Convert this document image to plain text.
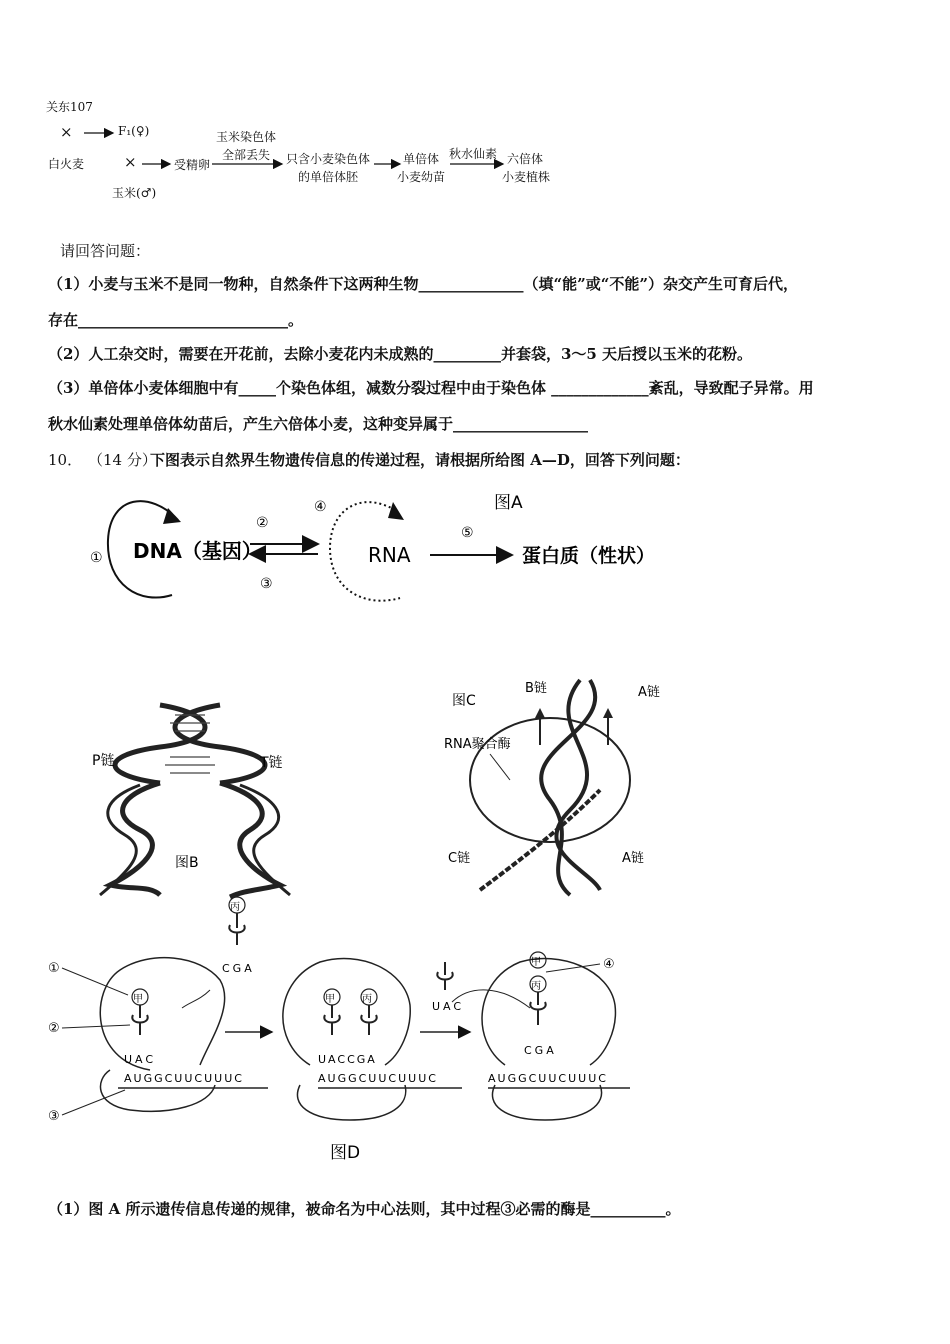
关东107
×
白火麦
F₁(♀)
×
玉米(♂)
受精卵
玉米染色体
全部丢失 只含小麦染色体
的单倍体胚
单倍体
小麦幼苗
秋水仙素 六倍体
小麦植株
请回答问题：
（1）小麦与玉米不是同一物种，自然条件下这两种生物______________（填“能”或“不能”）杂交产生可育后代，
存在____________________________。
（2）人工杂交时，需要在开花前，去除小麦花内未成熟的_________并套袋，3～5 天后授以玉米的花粉。
（3）单倍体小麦体细胞中有_____个染色体组，减数分裂过程中由于染色体 _____________紊乱，导致配子异常。用
秋水仙素处理单倍体幼苗后，产生六倍体小麦，这种变异属于__________________
10． （14 分）
下图表示自然界生物遗传信息的传递过程，请根据所给图 A—D，回答下列问题：
图A
① DNA（基因）
②
③
④
RNA
⑤
蛋白质（性状）
P链	T链
图B
图C
B链	A链
RNA聚合酶
C链	A链
丙
CGA
甲
UAC
AUGGCUUCUUUC
①
②
③
甲	丙
UACCGA
AUGGCUUCUUUC
UAC
甲
丙
CGA
AUGGCUUCUUUC
④
图D
（1）图 A 所示遗传信息传递的规律，被命名为中心法则，其中过程③必需的酶是__________。
